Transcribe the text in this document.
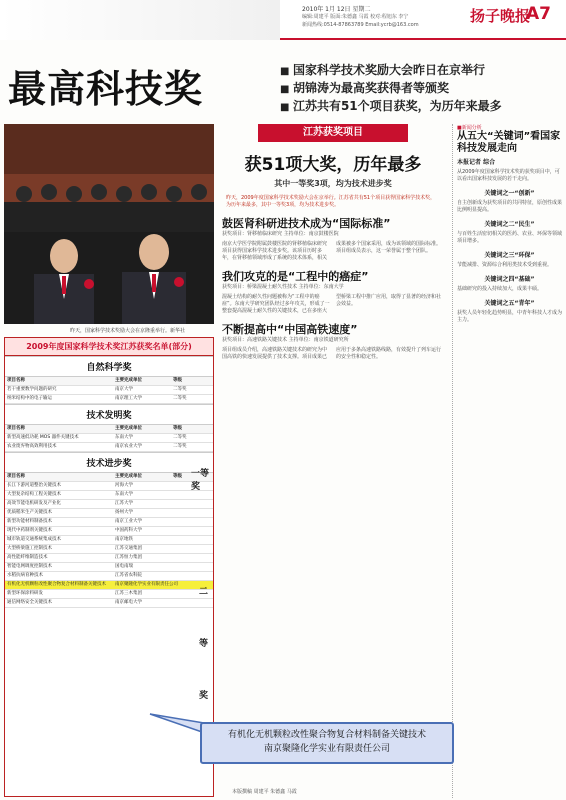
2010年 1月 12日 星期二
编辑:周建平 版面:朱德鑫 马霞 校对:程旭东 李宁
新闻热线:0514-87863789 Email:ycrb@163.com	扬子晚报
A7
最高科技奖
■	国家科学技术奖励大会昨日在京举行
■ 胡锦涛为最高奖获得者等颁奖
■ 江苏共有51个项目获奖，为历年来最多
昨天，国家科学技术奖励大会在京隆重举行。新华社
2009年度国家科学技术奖江苏获奖名单(部分)
自然科学奖
项目名称	主要完成单位	等级
若干重要数学问题的研究	南京大学	二等奖
纳米结构中的电子输运	南京理工大学	二等奖
技术发明奖
项目名称	主要完成单位	等级
新型高速低功耗 MOS 器件关键技术	东南大学	二等奖
农业废弃物高效利用技术	南京农业大学	二等奖
技术进步奖
项目名称	主要完成单位	等级
长江下游河道整治关键技术	河海大学
大型复杂结构工程关键技术	东南大学
高效节能电机研发及产业化	江苏大学
优质稻米生产关键技术	扬州大学
新型功能材料制备技术	南京工业大学
现代中药制剂关键技术	中国药科大学
城市轨道交通系统集成技术	南京地铁
大型桥梁施工控制技术	江苏交通集团
高性能纤维制造技术	江苏恒力集团
智能电网调度控制技术	国电南瑞
水稻抗病育种技术	江苏省农科院
有机化无机颗粒改性聚合物复合材料制备关键技术	南京聚隆化学实业有限责任公司
新型环保涂料研发	江苏三木集团
通信网络安全关键技术	南京邮电大学
一等奖
二
等
奖
江苏获奖项目
获51项大奖，历年最多
其中一等奖3项，均为技术进步奖
昨天，2009年度国家科学技术奖励大会在京举行。江苏省共有51个项目获得国家科学技术奖，为历年来最多，其中一等奖3项，均为技术进步奖。
鼓医肾科研进技术成为“国际标准”
获奖项目：肾移植临床研究 主持单位：南京鼓楼医院
南京大学医学院附属鼓楼医院的肾移植临床研究项目获得国家科学技术进步奖。该项目历时多年，在肾移植领域形成了系统的技术体系，相关成果被多个国家采用，成为该领域的国际标准。项目组成员表示，这一荣誉属于整个团队。
我们攻克的是“工程中的癌症”
获奖项目：桥梁混凝土耐久性技术 主持单位：东南大学
混凝土结构的耐久性问题被称为“工程中的癌症”。东南大学研究团队经过多年攻关，形成了一整套提高混凝土耐久性的关键技术，已在多座大型桥梁工程中推广应用，取得了显著的经济和社会效益。
不断提高中“中国高铁速度”
获奖项目：高速铁路关键技术 主持单位：南京铁道研究所
项目组成员介绍，高速铁路关键技术的研究为中国高铁的快速发展提供了技术支撑。项目成果已应用于多条高速铁路线路，有效提升了列车运行的安全性和稳定性。
■新闻分析
从五大“关键词”看国家科技发展走向
本报记者 综合
从2009年度国家科学技术奖的获奖项目中，可以看出国家科技发展的若干走向。
关键词之一“创新”
自主创新成为获奖项目的共同特征，原创性成果比例明显提高。
关键词之二“民生”
与百姓生活密切相关的医药、农业、环保等领域项目增多。
关键词之三“环保”
节能减排、资源综合利用类技术受到重视。
关键词之四“基础”
基础研究的投入持续加大，成果丰硕。
关键词之五“青年”
获奖人员年轻化趋势明显，中青年科技人才成为主力。
有机化无机颗粒改性聚合物复合材料制备关键技术
南京聚隆化学实业有限责任公司
本版撰稿 周建平 朱德鑫 马霞
